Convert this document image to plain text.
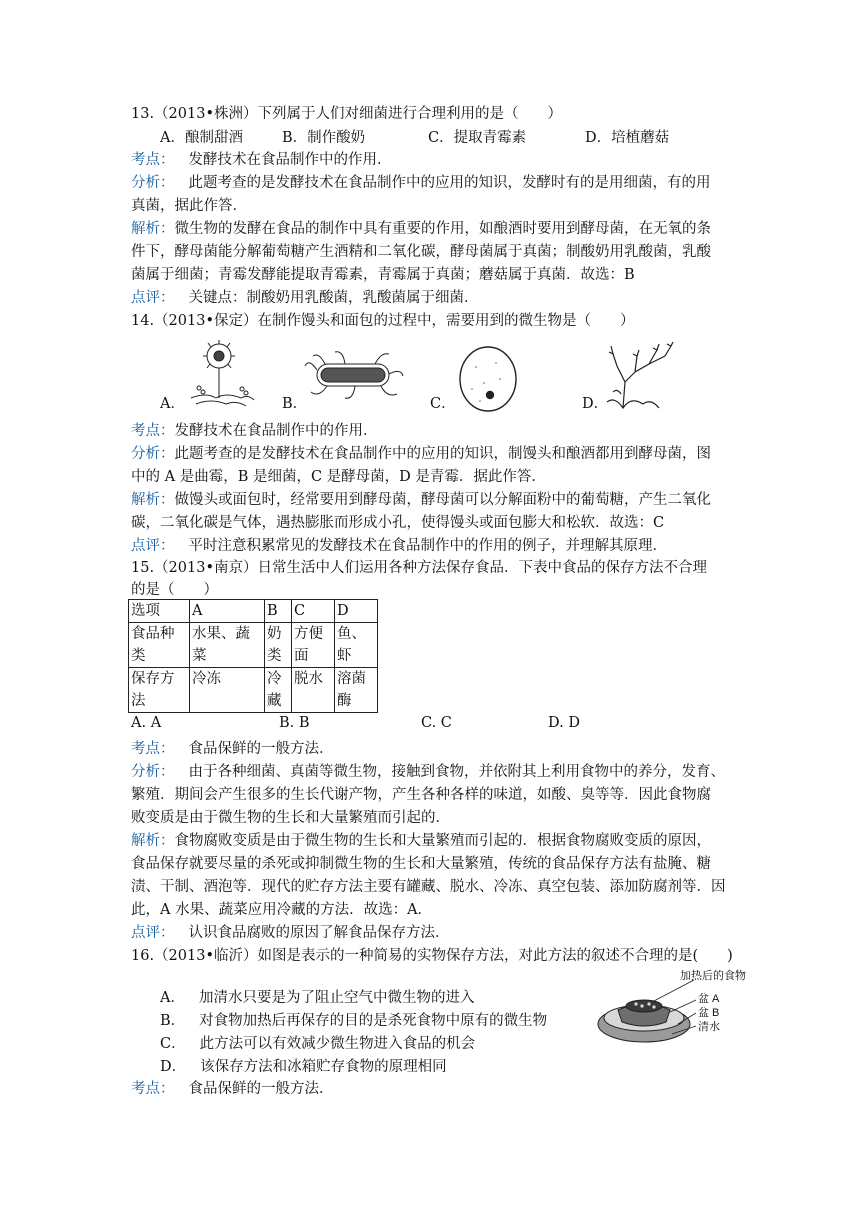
13.（2013•株洲）下列属于人们对细菌进行合理利用的是（　　）
A．酿制甜酒	B．制作酸奶	C．提取青霉素	D．培植蘑菇
考点： 发酵技术在食品制作中的作用．
分析： 此题考查的是发酵技术在食品制作中的应用的知识，发酵时有的是用细菌，有的用
真菌，据此作答．
解析：微生物的发酵在食品的制作中具有重要的作用，如酿酒时要用到酵母菌，在无氧的条
件下，酵母菌能分解葡萄糖产生酒精和二氧化碳，酵母菌属于真菌；制酸奶用乳酸菌，乳酸
菌属于细菌；青霉发酵能提取青霉素，青霉属于真菌；蘑菇属于真菌．故选：B
点评： 关键点：制酸奶用乳酸菌，乳酸菌属于细菌．
14.（2013•保定）在制作馒头和面包的过程中，需要用到的微生物是（　　）
A．	B．	C．	D．
考点：发酵技术在食品制作中的作用．
分析：此题考查的是发酵技术在食品制作中的应用的知识，制馒头和酿酒都用到酵母菌，图
中的 A 是曲霉，B 是细菌，C 是酵母菌，D 是青霉．据此作答．
解析：做馒头或面包时，经常要用到酵母菌，酵母菌可以分解面粉中的葡萄糖，产生二氧化
碳，二氧化碳是气体，遇热膨胀而形成小孔，使得馒头或面包膨大和松软．故选：C
点评： 平时注意积累常见的发酵技术在食品制作中的作用的例子，并理解其原理．
15.（2013•南京）日常生活中人们运用各种方法保存食品．下表中食品的保存方法不合理
的是（　　）
选项	A	B	C	D
食品种类	水果、蔬菜	奶类	方便面	鱼、虾
保存方法	冷冻	冷藏	脱水	溶菌酶
A. A	B. B	C. C	D. D
考点： 食品保鲜的一般方法．
分析： 由于各种细菌、真菌等微生物，接触到食物，并依附其上利用食物中的养分，发育、
繁殖．期间会产生很多的生长代谢产物，产生各种各样的味道，如酸、臭等等．因此食物腐
败变质是由于微生物的生长和大量繁殖而引起的．
解析：食物腐败变质是由于微生物的生长和大量繁殖而引起的．根据食物腐败变质的原因，
食品保存就要尽量的杀死或抑制微生物的生长和大量繁殖，传统的食品保存方法有盐腌、糖
渍、干制、酒泡等．现代的贮存方法主要有罐藏、脱水、冷冻、真空包装、添加防腐剂等．因
此，A 水果、蔬菜应用冷藏的方法．故选：A．
点评： 认识食品腐败的原因了解食品保存方法．
16.（2013•临沂）如图是表示的一种简易的实物保存方法，对此方法的叙述不合理的是(　　)
A． 加清水只要是为了阻止空气中微生物的进入
B． 对食物加热后再保存的目的是杀死食物中原有的微生物
C． 此方法可以有效减少微生物进入食品的机会
D． 该保存方法和冰箱贮存食物的原理相同
加热后的食物
盆 A
盆 B
清水
考点： 食品保鲜的一般方法．
